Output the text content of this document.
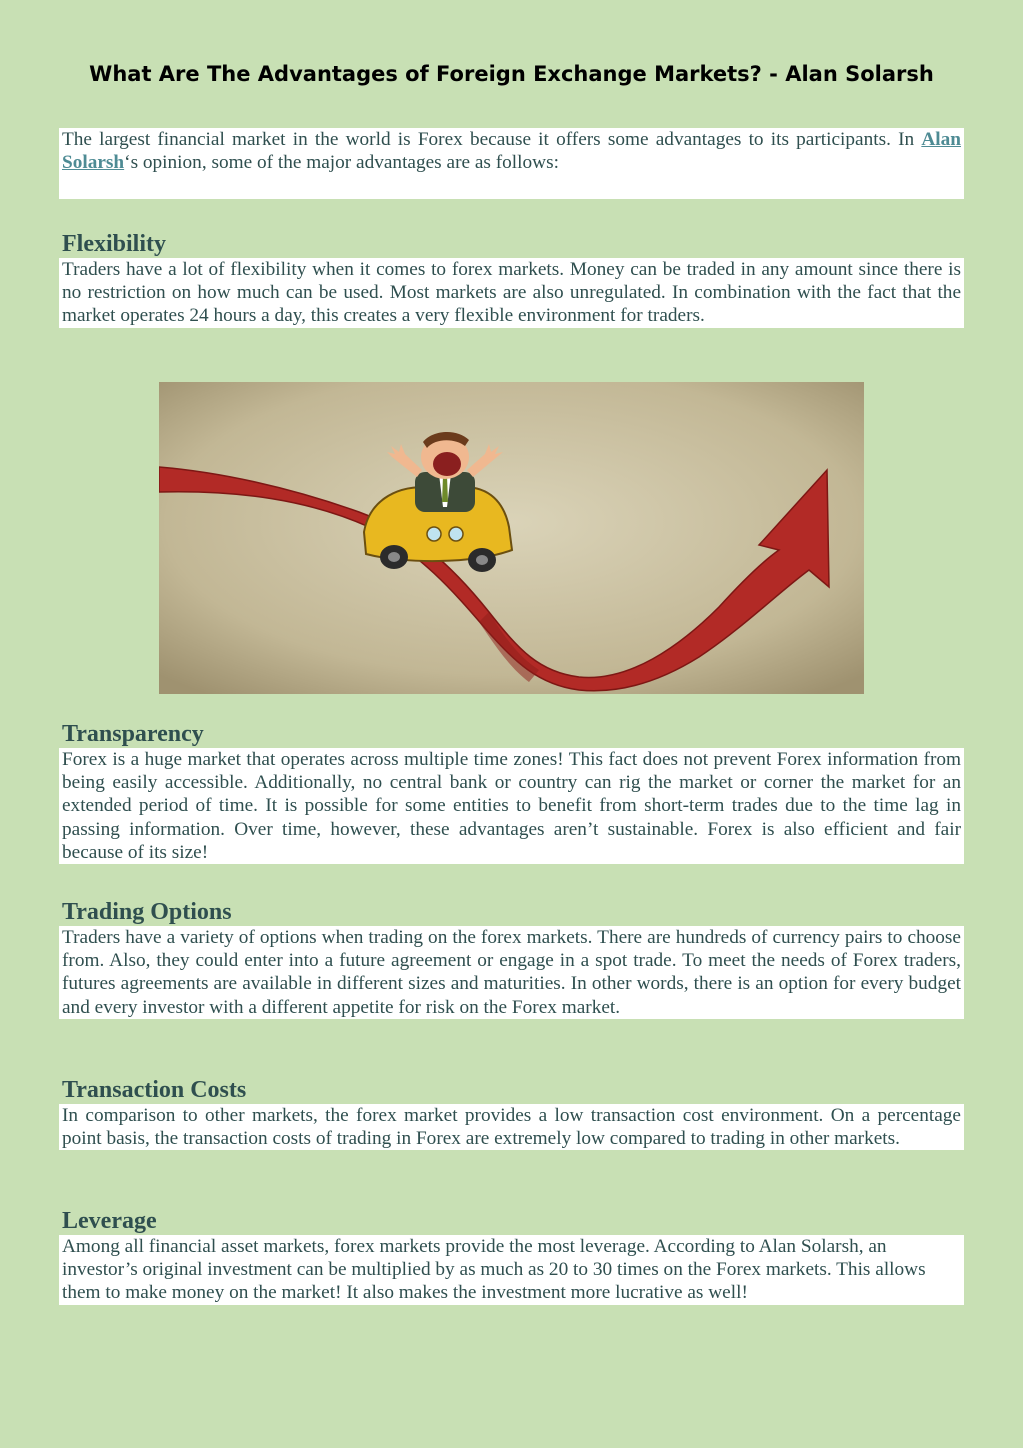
What Are The Advantages of Foreign Exchange Markets? - Alan Solarsh
The largest financial market in the world is Forex because it offers some advantages to its participants. In Alan Solarsh‘s opinion, some of the major advantages are as follows:
Flexibility
Traders have a lot of flexibility when it comes to forex markets. Money can be traded in any amount since there is no restriction on how much can be used. Most markets are also unregulated. In combination with the fact that the market operates 24 hours a day, this creates a very flexible environment for traders.
Transparency
Forex is a huge market that operates across multiple time zones! This fact does not prevent Forex information from being easily accessible. Additionally, no central bank or country can rig the market or corner the market for an extended period of time. It is possible for some entities to benefit from short-term trades due to the time lag in passing information. Over time, however, these advantages aren’t sustainable. Forex is also efficient and fair because of its size!
Trading Options
Traders have a variety of options when trading on the forex markets. There are hundreds of currency pairs to choose from. Also, they could enter into a future agreement or engage in a spot trade. To meet the needs of Forex traders, futures agreements are available in different sizes and maturities. In other words, there is an option for every budget and every investor with a different appetite for risk on the Forex market.
Transaction Costs
In comparison to other markets, the forex market provides a low transaction cost environment. On a percentage point basis, the transaction costs of trading in Forex are extremely low compared to trading in other markets.
Leverage
Among all financial asset markets, forex markets provide the most leverage. According to Alan Solarsh, an investor’s original investment can be multiplied by as much as 20 to 30 times on the Forex markets. This allows them to make money on the market! It also makes the investment more lucrative as well!
